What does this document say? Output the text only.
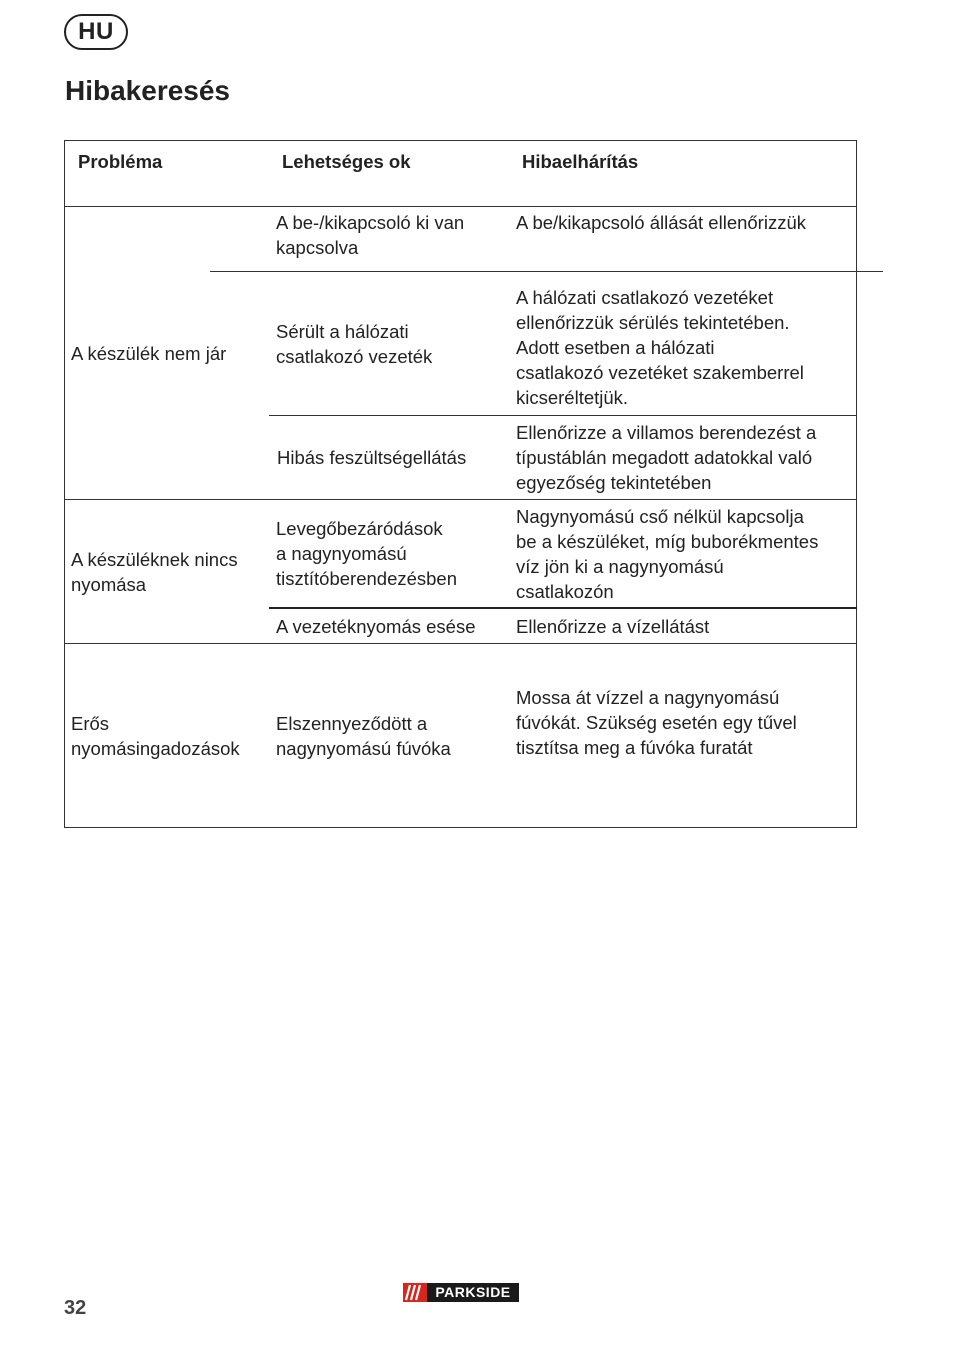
HU
Hibakeresés
Probléma	Lehetséges ok	Hibaelhárítás
A készülék nem jár
A be-/kikapcsoló ki van
kapcsolva
A be/kikapcsoló állását ellenőrizzük
Sérült a hálózati
csatlakozó vezeték
A hálózati csatlakozó vezetéket
ellenőrizzük sérülés tekintetében.
Adott esetben a hálózati
csatlakozó vezetéket szakemberrel
kicseréltetjük.
Hibás feszültségellátás
Ellenőrizze a villamos berendezést a
típustáblán megadott adatokkal való
egyezőség tekintetében
A készüléknek nincs
nyomása
Levegőbezáródások
a nagynyomású
tisztítóberendezésben
Nagynyomású cső nélkül kapcsolja
be a készüléket, míg buborékmentes
víz jön ki a nagynyomású
csatlakozón
A vezetéknyomás esése Ellenőrizze a vízellátást
Erős
nyomásingadozások
Elszennyeződött a
nagynyomású fúvóka
Mossa át vízzel a nagynyomású
fúvókát. Szükség esetén egy tűvel
tisztítsa meg a fúvóka furatát
32
PARKSIDE
